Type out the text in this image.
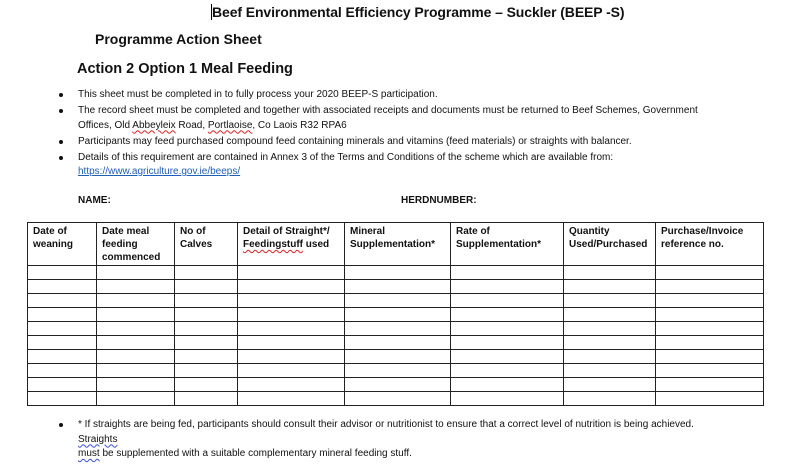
Beef Environmental Efficiency Programme – Suckler (BEEP -S)
Programme Action Sheet
Action 2 Option 1 Meal Feeding
This sheet must be completed in to fully process your 2020 BEEP-S participation.
The record sheet must be completed and together with associated receipts and documents must be returned to Beef Schemes, Government Offices, Old Abbeyleix Road, Portlaoise, Co Laois R32 RPA6
Participants may feed purchased compound feed containing minerals and vitamins (feed materials) or straights with balancer.
Details of this requirement are contained in Annex 3 of the Terms and Conditions of the scheme which are available from:
https://www.agriculture.gov.ie/beeps/
NAME:	HERDNUMBER:
Date of weaning	Date meal feeding commenced	No of Calves	Detail of Straight*/ Feedingstuff used	Mineral Supplementation*	Rate of Supplementation*	Quantity Used/Purchased	Purchase/Invoice reference no.

* If straights are being fed, participants should consult their advisor or nutritionist to ensure that a correct level of nutrition is being achieved. Straights
must be supplemented with a suitable complementary mineral feeding stuff.
